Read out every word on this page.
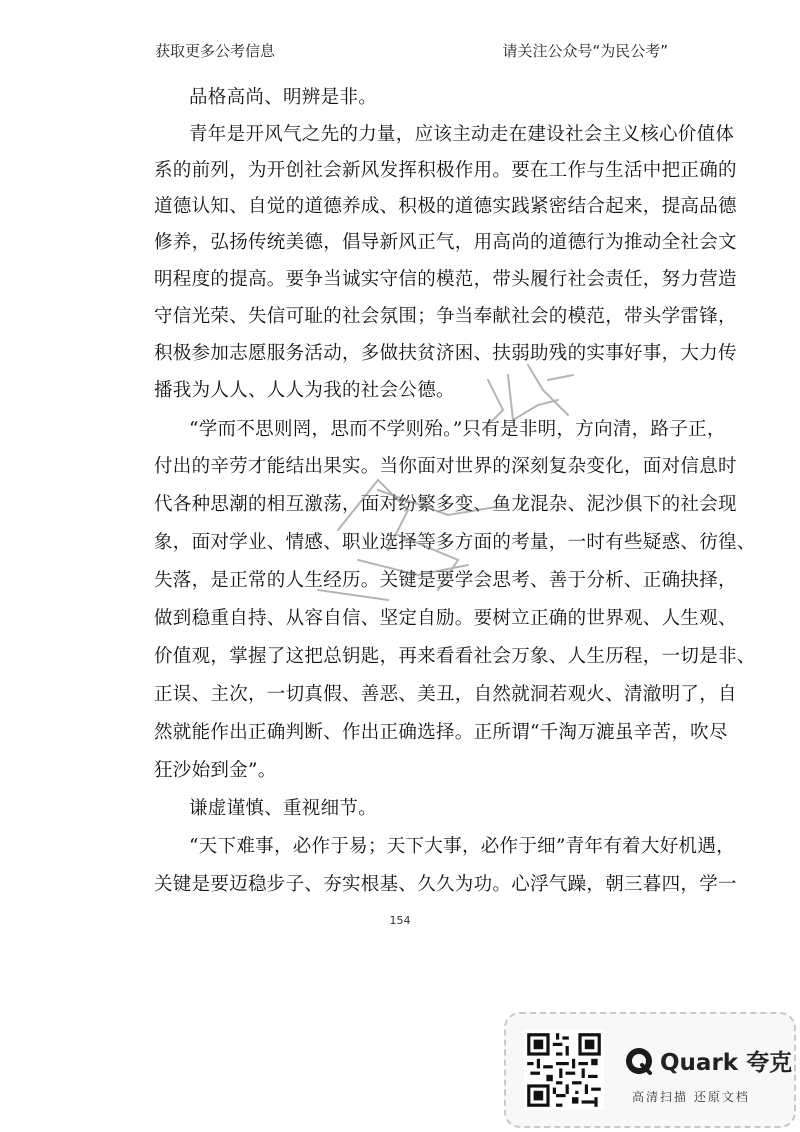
获取更多公考信息	请关注公众号“为民公考”
品格高尚、明辨是非。
青年是开风气之先的力量，应该主动走在建设社会主义核心价值体
系的前列，为开创社会新风发挥积极作用。要在工作与生活中把正确的
道德认知、自觉的道德养成、积极的道德实践紧密结合起来，提高品德
修养，弘扬传统美德，倡导新风正气，用高尚的道德行为推动全社会文
明程度的提高。要争当诚实守信的模范，带头履行社会责任，努力营造
守信光荣、失信可耻的社会氛围；争当奉献社会的模范，带头学雷锋，
积极参加志愿服务活动，多做扶贫济困、扶弱助残的实事好事，大力传
播我为人人、人人为我的社会公德。
“学而不思则罔，思而不学则殆。”只有是非明，方向清，路子正，
付出的辛劳才能结出果实。当你面对世界的深刻复杂变化，面对信息时
代各种思潮的相互激荡，面对纷繁多变、鱼龙混杂、泥沙俱下的社会现
象，面对学业、情感、职业选择等多方面的考量，一时有些疑惑、彷徨、
失落，是正常的人生经历。关键是要学会思考、善于分析、正确抉择，
做到稳重自持、从容自信、坚定自励。要树立正确的世界观、人生观、
价值观，掌握了这把总钥匙，再来看看社会万象、人生历程，一切是非、
正误、主次，一切真假、善恶、美丑，自然就洞若观火、清澈明了，自
然就能作出正确判断、作出正确选择。正所谓“千淘万漉虽辛苦，吹尽
狂沙始到金”。
谦虚谨慎、重视细节。
“天下难事，必作于易；天下大事，必作于细”青年有着大好机遇，
关键是要迈稳步子、夯实根基、久久为功。心浮气躁，朝三暮四，学一
154
Quark 夸克
高清扫描 还原文档
